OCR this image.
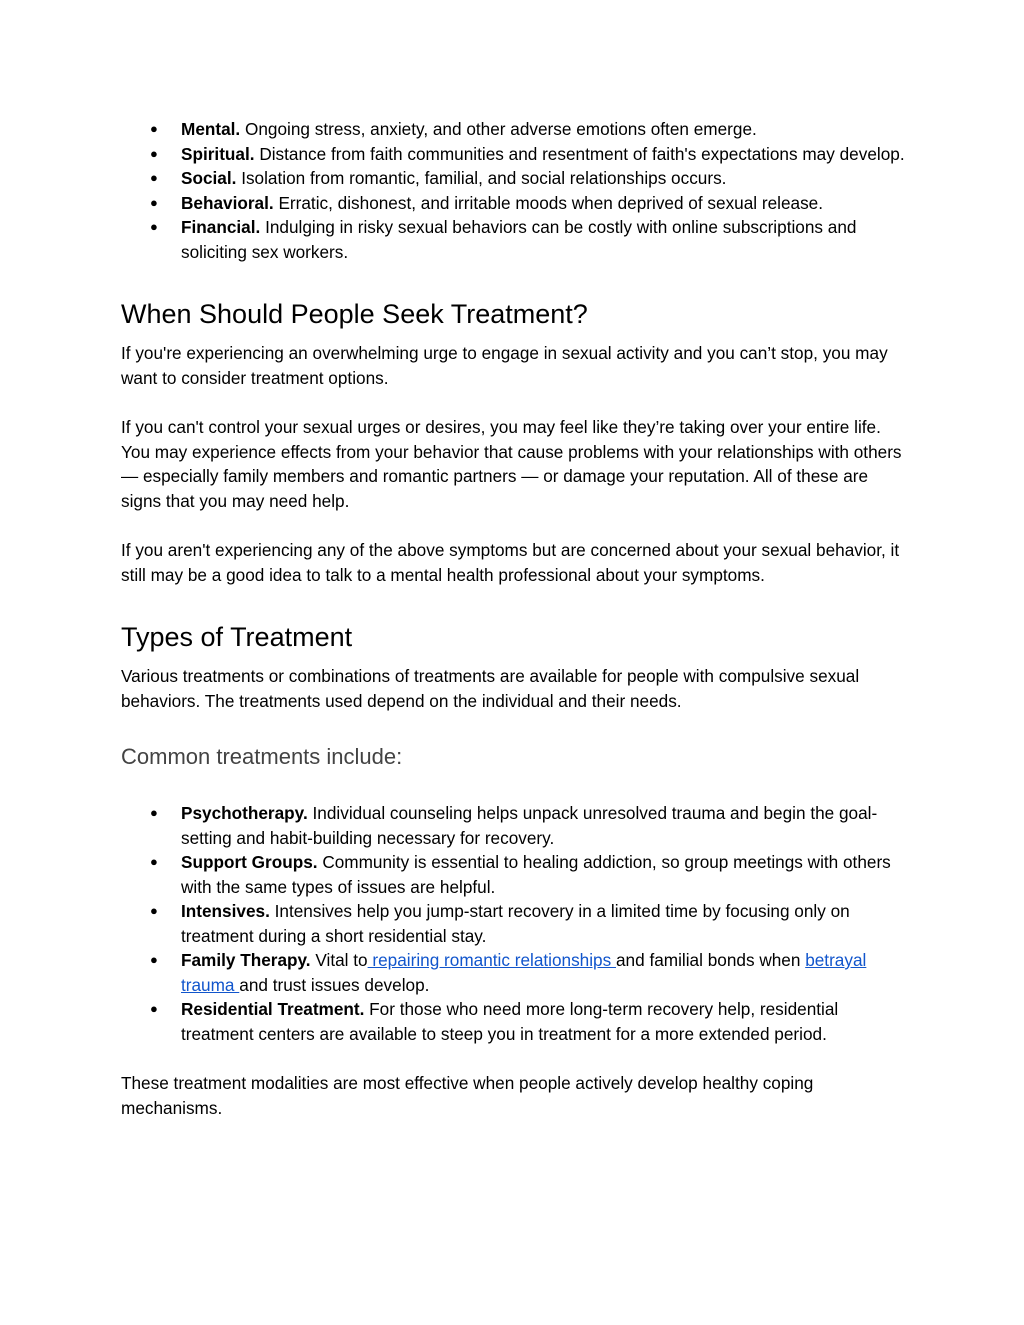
● Mental. Ongoing stress, anxiety, and other adverse emotions often emerge.
● Spiritual. Distance from faith communities and resentment of faith's expectations may develop.
● Social. Isolation from romantic, familial, and social relationships occurs.
● Behavioral. Erratic, dishonest, and irritable moods when deprived of sexual release.
● Financial. Indulging in risky sexual behaviors can be costly with online subscriptions and soliciting sex workers.
When Should People Seek Treatment?

If you're experiencing an overwhelming urge to engage in sexual activity and you can’t stop, you may want to consider treatment options.

If you can't control your sexual urges or desires, you may feel like they’re taking over your entire life. You may experience effects from your behavior that cause problems with your relationships with others — especially family members and romantic partners — or damage your reputation. All of these are signs that you may need help.

If you aren't experiencing any of the above symptoms but are concerned about your sexual behavior, it still may be a good idea to talk to a mental health professional about your symptoms.

Types of Treatment

Various treatments or combinations of treatments are available for people with compulsive sexual behaviors. The treatments used depend on the individual and their needs.

Common treatments include:
● Psychotherapy. Individual counseling helps unpack unresolved trauma and begin the goal-setting and habit-building necessary for recovery.
● Support Groups. Community is essential to healing addiction, so group meetings with others with the same types of issues are helpful.
● Intensives. Intensives help you jump-start recovery in a limited time by focusing only on treatment during a short residential stay.
● Family Therapy. Vital to repairing romantic relationships and familial bonds when betrayal trauma and trust issues develop.
● Residential Treatment. For those who need more long-term recovery help, residential treatment centers are available to steep you in treatment for a more extended period.

These treatment modalities are most effective when people actively develop healthy coping mechanisms.
